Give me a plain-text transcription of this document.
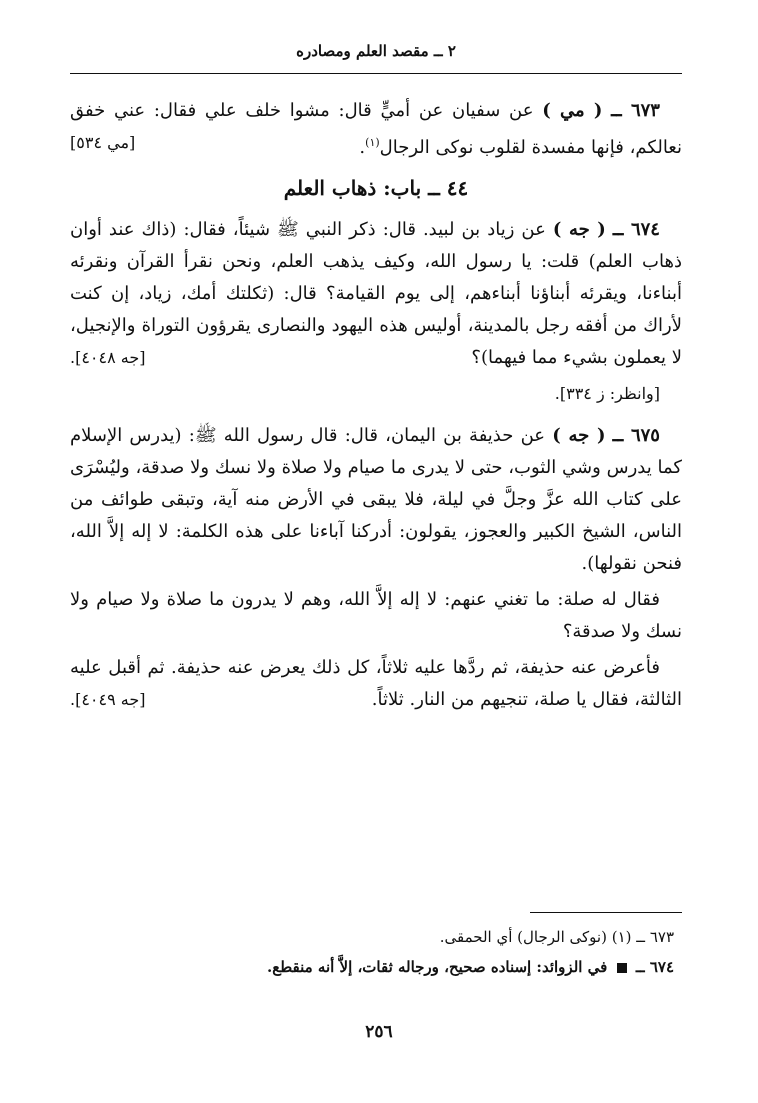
٢ ــ مقصد العلم ومصادره

٦٧٣ ــ ( مي ) عن سفيان عن أميٍّ قال: مشوا خلف علي فقال: عني خفق نعالكم، فإنها مفسدة لقلوب نوكى الرجال$^{(١)}$.
[مي ٥٣٤]

٤٤ ــ باب: ذهاب العلم

٦٧٤ ــ ( جه ) عن زياد بن لبيد. قال: ذكر النبي ﷺ شيئاً، فقال: (ذاك عند أوان ذهاب العلم) قلت: يا رسول الله، وكيف يذهب العلم، ونحن نقرأ القرآن ونقرئه أبناءنا، ويقرئه أبناؤنا أبناءهم، إلى يوم القيامة؟ قال: (ثكلتك أمك، زياد، إن كنت لأراك من أفقه رجل بالمدينة، أوليس هذه اليهود والنصارى يقرؤون التوراة والإنجيل، لا يعملون بشيء مما فيهما)؟
[جه ٤٠٤٨].

[وانظر: ز ٣٣٤].

٦٧٥ ــ ( جه ) عن حذيفة بن اليمان، قال: قال رسول الله ﷺ: (يدرس الإسلام كما يدرس وشي الثوب، حتى لا يدرى ما صيام ولا صلاة ولا نسك ولا صدقة، وليُسْرَى على كتاب الله عزَّ وجلَّ في ليلة، فلا يبقى في الأرض منه آية، وتبقى طوائف من الناس، الشيخ الكبير والعجوز، يقولون: أدركنا آباءنا على هذه الكلمة: لا إله إلاَّ الله، فنحن نقولها).

فقال له صلة: ما تغني عنهم: لا إله إلاَّ الله، وهم لا يدرون ما صلاة ولا صيام ولا نسك ولا صدقة؟

فأعرض عنه حذيفة، ثم ردَّها عليه ثلاثاً، كل ذلك يعرض عنه حذيفة. ثم أقبل عليه الثالثة، فقال يا صلة، تنجيهم من النار. ثلاثاً.
[جه ٤٠٤٩].

٦٧٣ ــ (١) (نوكى الرجال) أي الحمقى.

٦٧٤ ــ  في الزوائد: إسناده صحيح، ورجاله ثقات، إلاَّ أنه منقطع.

٢٥٦
